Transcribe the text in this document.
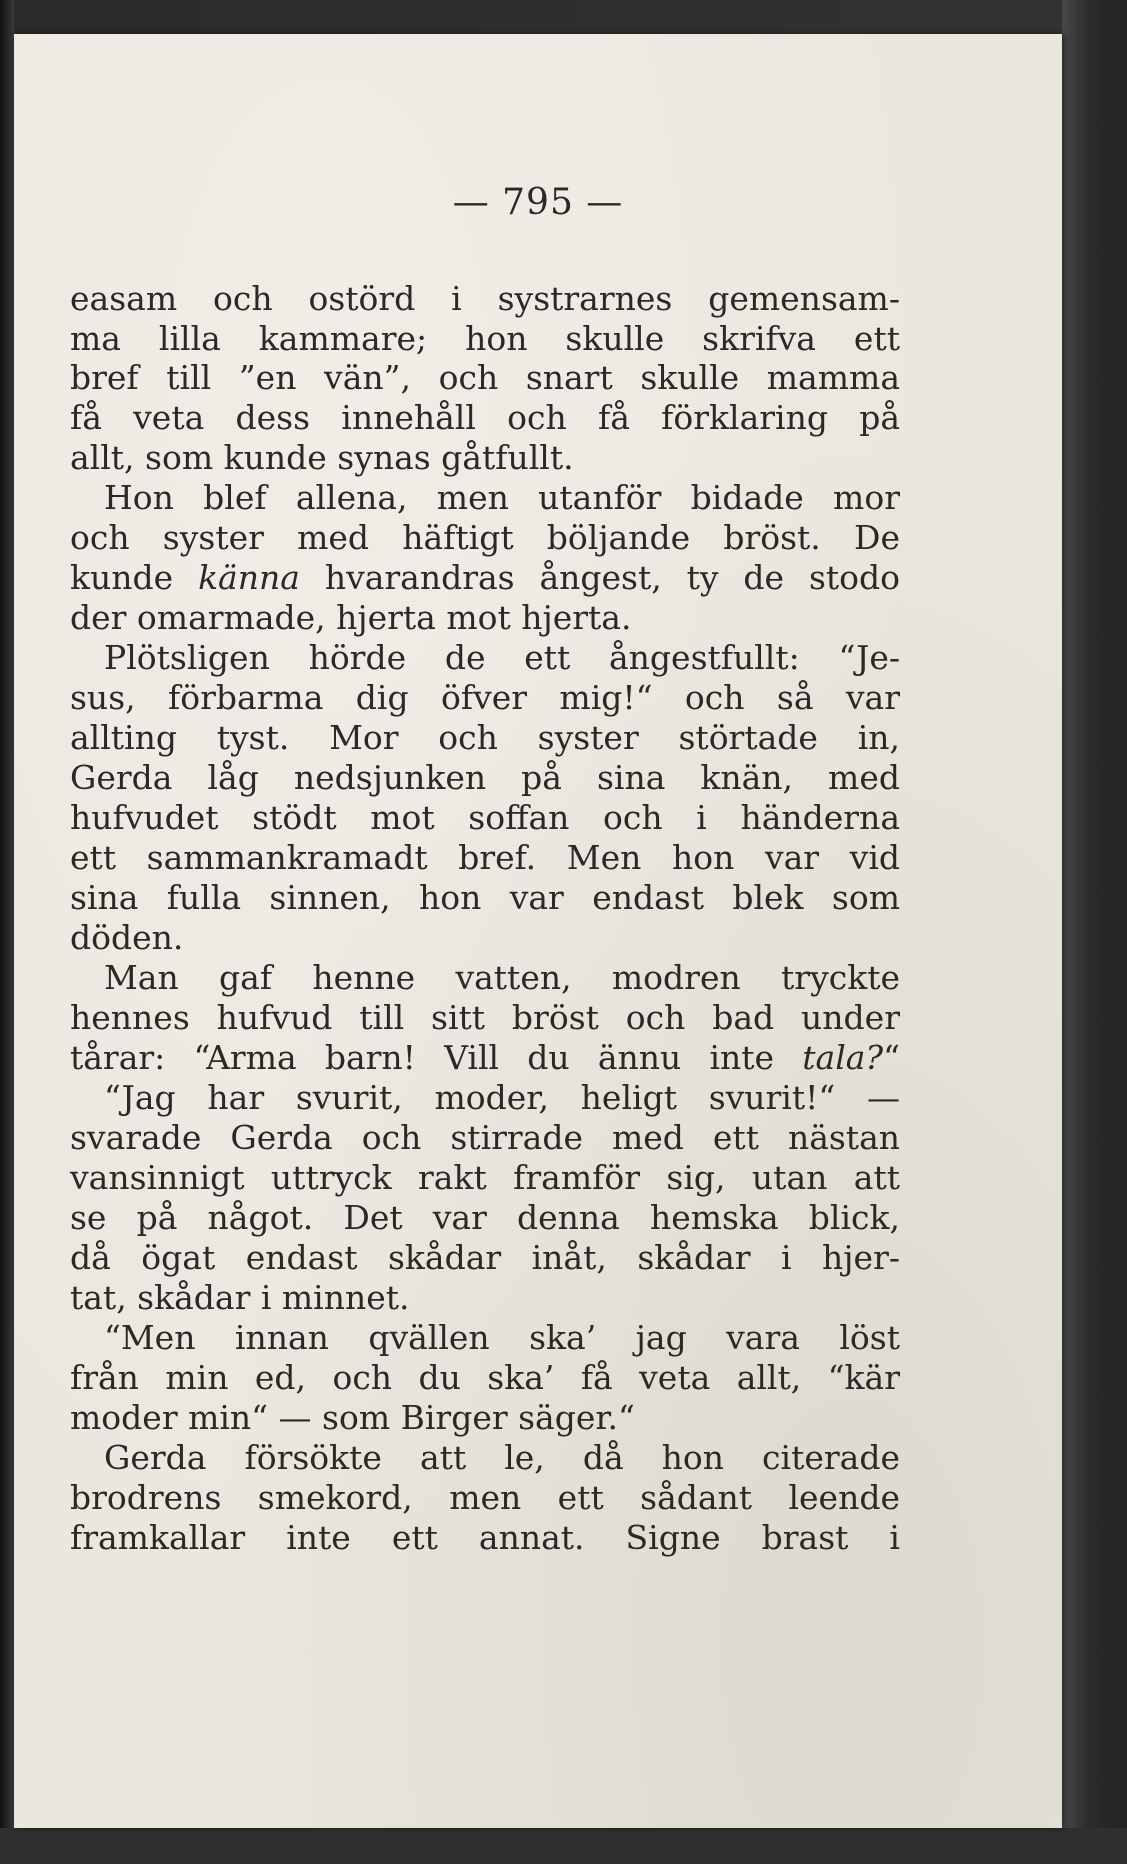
— 795 —
easam och ostörd i systrarnes gemensam-
ma lilla kammare; hon skulle skrifva ett
bref till ”en vän”, och snart skulle mamma
få veta dess innehåll och få förklaring på
allt, som kunde synas gåtfullt.
Hon blef allena, men utanför bidade mor
och syster med häftigt böljande bröst. De
kunde känna hvarandras ångest, ty de stodo
der omarmade, hjerta mot hjerta.
Plötsligen hörde de ett ångestfullt: “Je-
sus, förbarma dig öfver mig!“ och så var
allting tyst. Mor och syster störtade in,
Gerda låg nedsjunken på sina knän, med
hufvudet stödt mot soffan och i händerna
ett sammankramadt bref. Men hon var vid
sina fulla sinnen, hon var endast blek som
döden.
Man gaf henne vatten, modren tryckte
hennes hufvud till sitt bröst och bad under
tårar: “Arma barn! Vill du ännu inte tala?“
“Jag har svurit, moder, heligt svurit!“ —
svarade Gerda och stirrade med ett nästan
vansinnigt uttryck rakt framför sig, utan att
se på något. Det var denna hemska blick,
då ögat endast skådar inåt, skådar i hjer-
tat, skådar i minnet.
“Men innan qvällen ska’ jag vara löst
från min ed, och du ska’ få veta allt, “kär
moder min“ — som Birger säger.“
Gerda försökte att le, då hon citerade
brodrens smekord, men ett sådant leende
framkallar inte ett annat. Signe brast i
